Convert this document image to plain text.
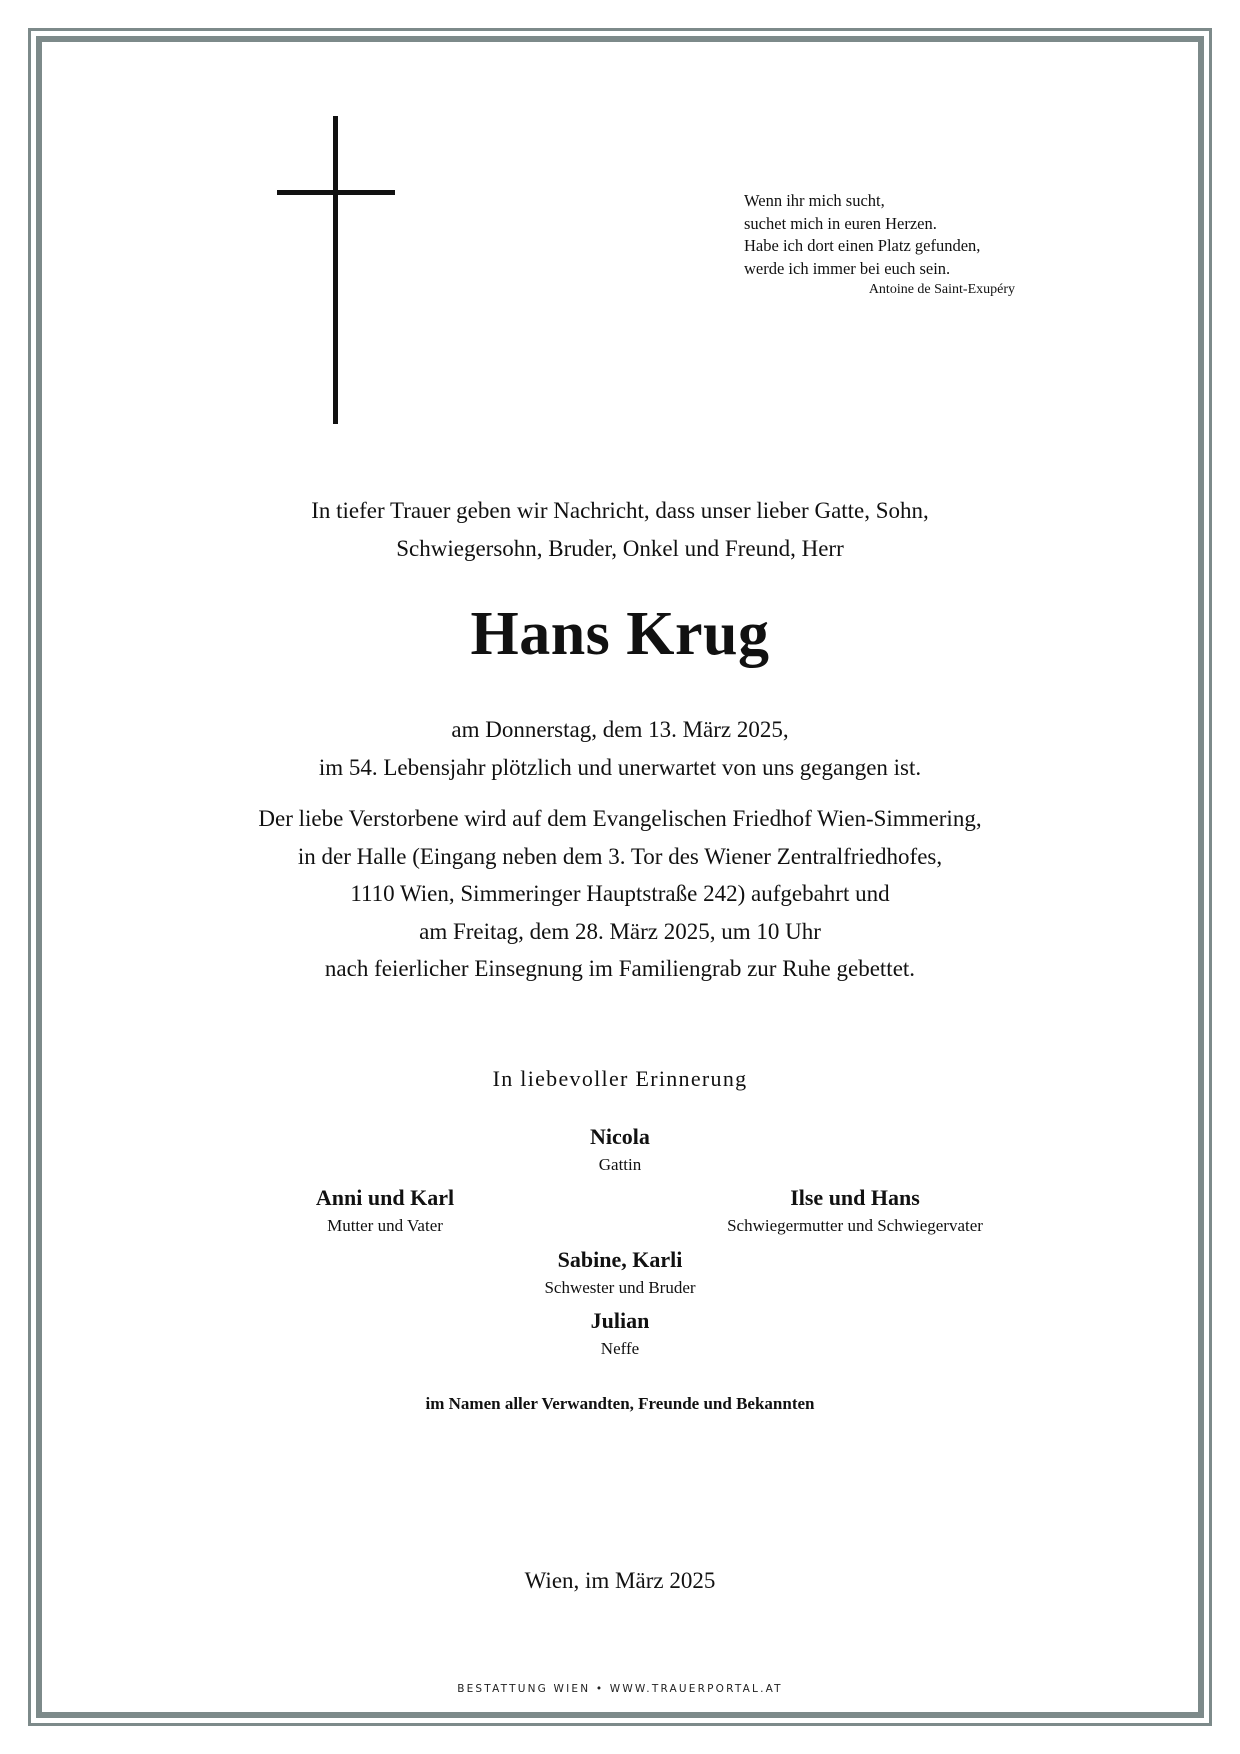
Wenn ihr mich sucht,
suchet mich in euren Herzen.
Habe ich dort einen Platz gefunden,
werde ich immer bei euch sein.
Antoine de Saint-Exupéry
In tiefer Trauer geben wir Nachricht, dass unser lieber Gatte, Sohn,
Schwiegersohn, Bruder, Onkel und Freund, Herr
Hans Krug
am Donnerstag, dem 13. März 2025,
im 54. Lebensjahr plötzlich und unerwartet von uns gegangen ist.
Der liebe Verstorbene wird auf dem Evangelischen Friedhof Wien-Simmering,
in der Halle (Eingang neben dem 3. Tor des Wiener Zentralfriedhofes,
1110 Wien, Simmeringer Hauptstraße 242) aufgebahrt und
am Freitag, dem 28. März 2025, um 10 Uhr
nach feierlicher Einsegnung im Familiengrab zur Ruhe gebettet.
In liebevoller Erinnerung
Nicola
Gattin
Anni und Karl
Mutter und Vater
Ilse und Hans
Schwiegermutter und Schwiegervater
Sabine, Karli
Schwester und Bruder
Julian
Neffe
im Namen aller Verwandten, Freunde und Bekannten
Wien, im März 2025
BESTATTUNG WIEN • WWW.TRAUERPORTAL.AT
